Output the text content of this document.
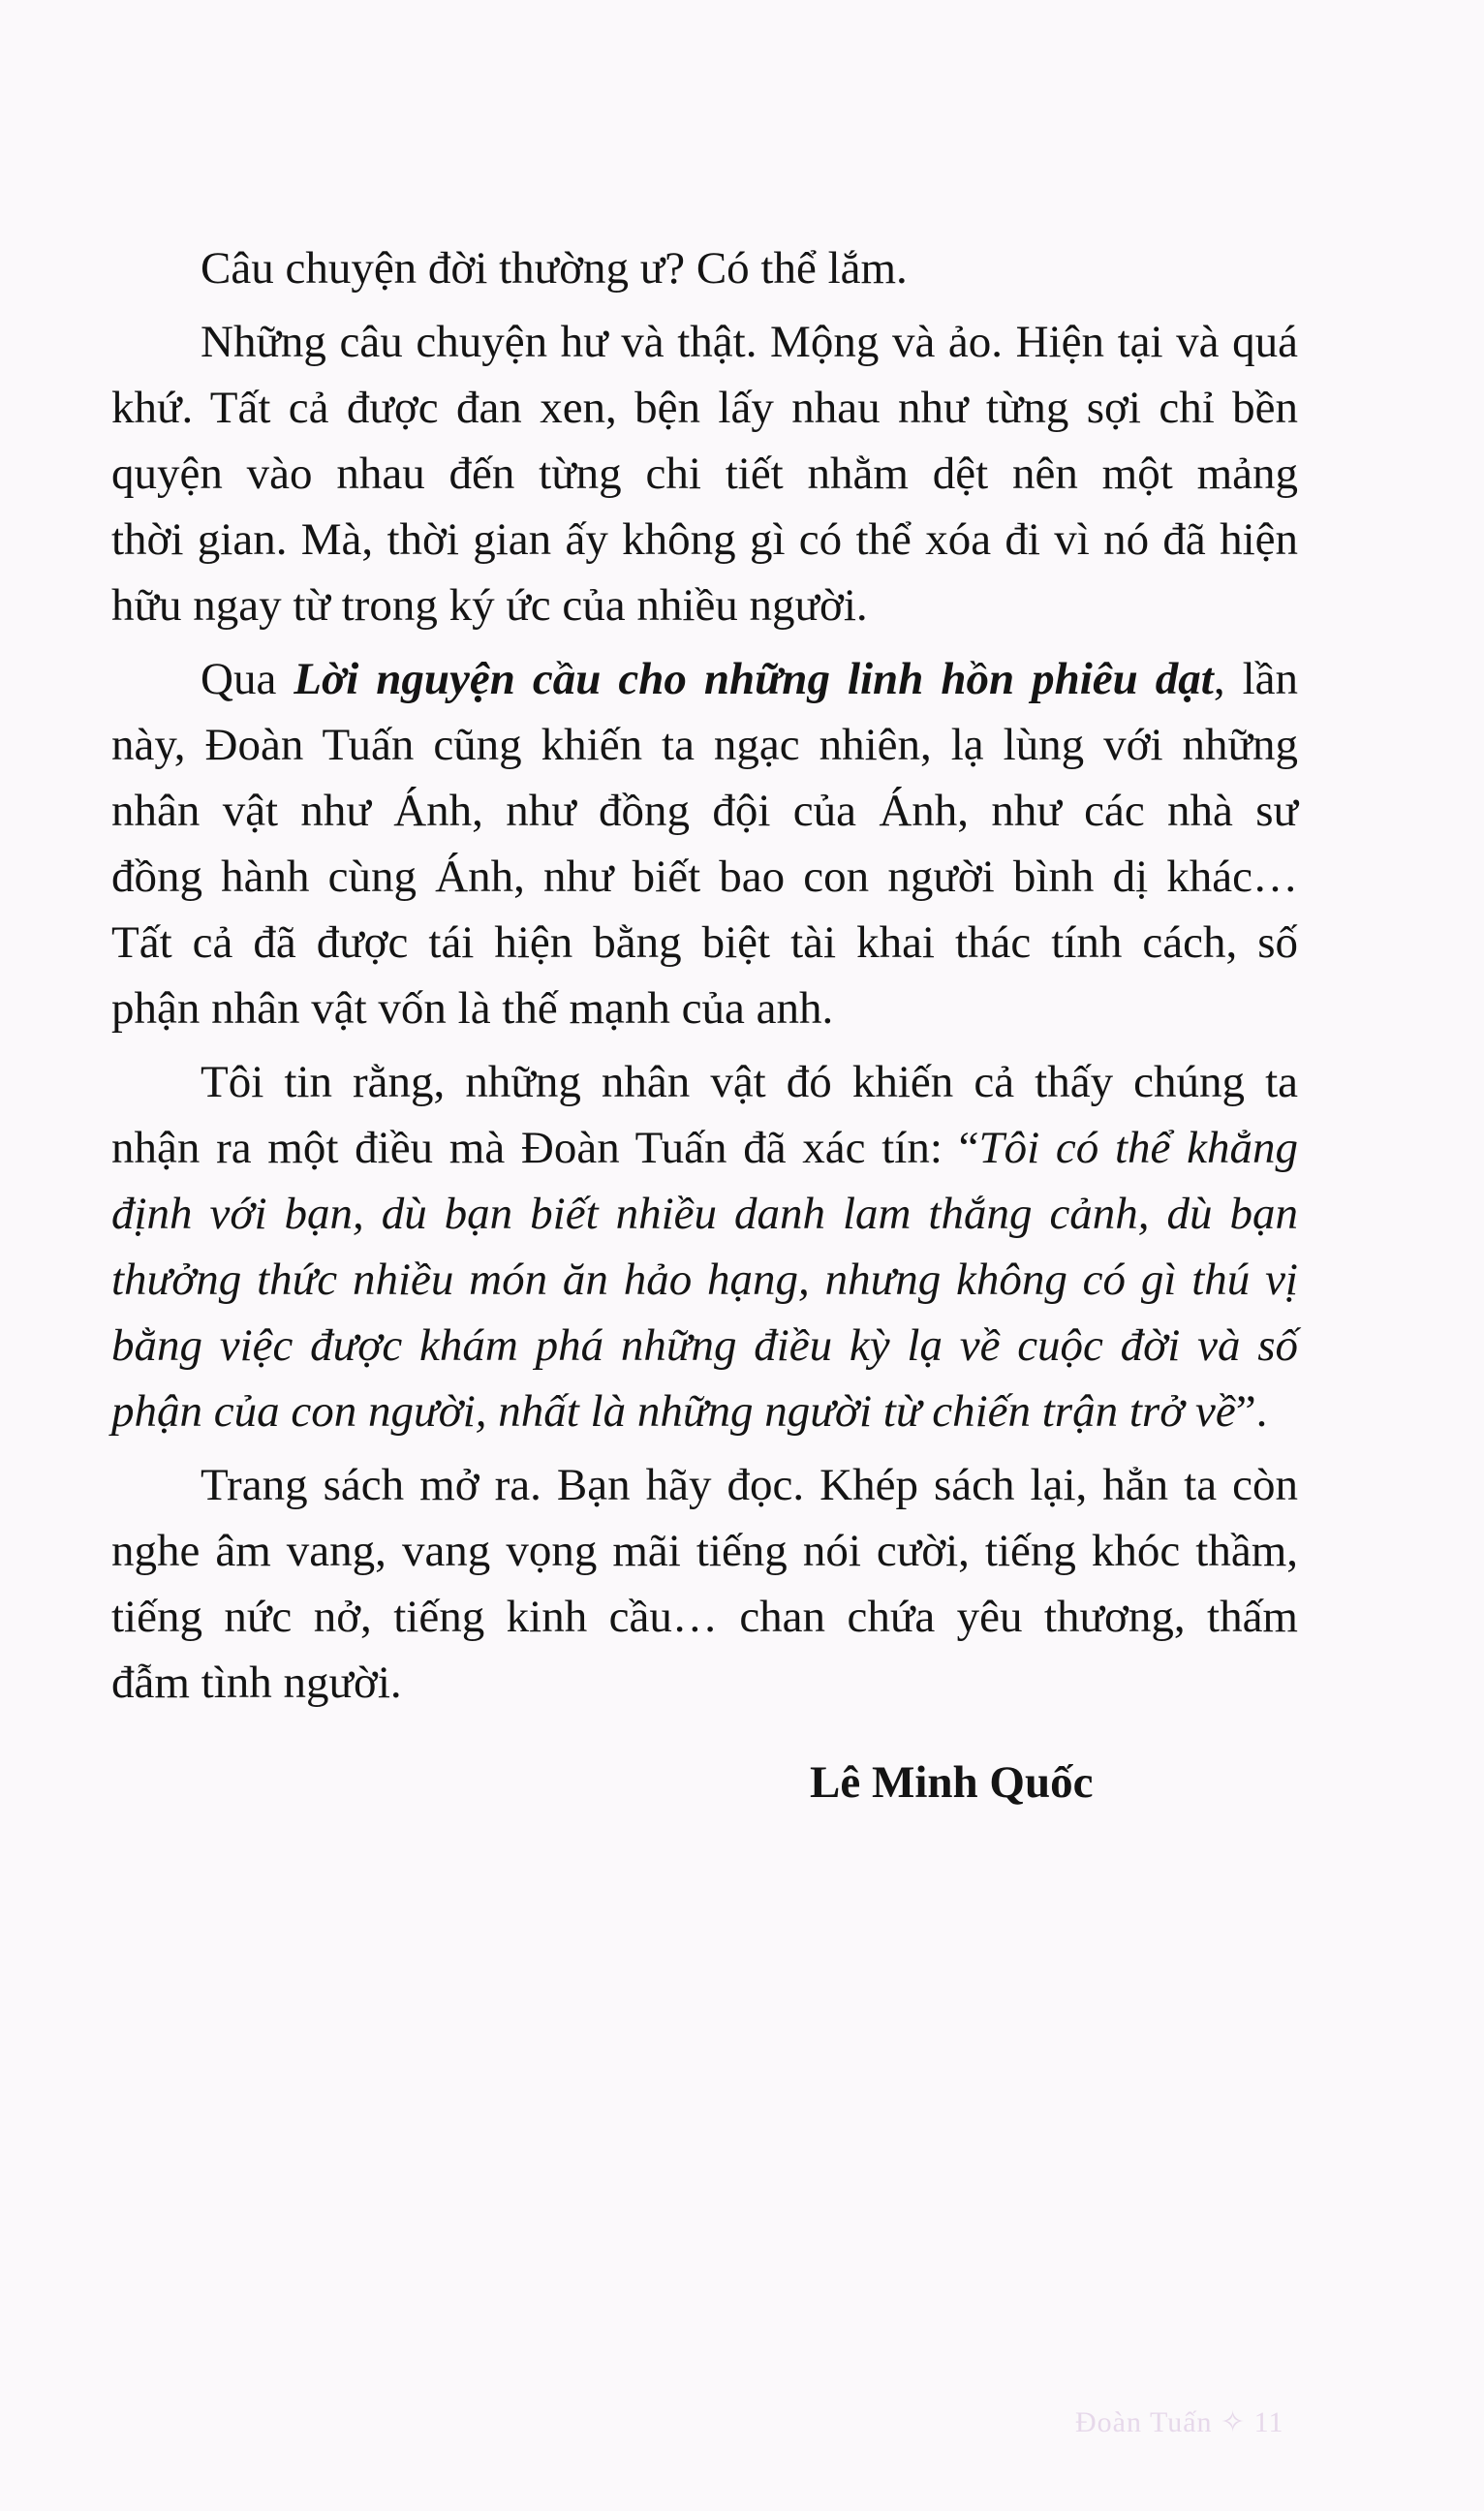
Câu chuyện đời thường ư? Có thể lắm.
Những câu chuyện hư và thật. Mộng và ảo. Hiện tại và quá
khứ. Tất cả được đan xen, bện lấy nhau như từng sợi chỉ bền
quyện vào nhau đến từng chi tiết nhằm dệt nên một mảng
thời gian. Mà, thời gian ấy không gì có thể xóa đi vì nó đã hiện
hữu ngay từ trong ký ức của nhiều người.
Qua Lời nguyện cầu cho những linh hồn phiêu dạt, lần
này, Đoàn Tuấn cũng khiến ta ngạc nhiên, lạ lùng với những
nhân vật như Ánh, như đồng đội của Ánh, như các nhà sư
đồng hành cùng Ánh, như biết bao con người bình dị khác…
Tất cả đã được tái hiện bằng biệt tài khai thác tính cách, số
phận nhân vật vốn là thế mạnh của anh.
Tôi tin rằng, những nhân vật đó khiến cả thấy chúng ta
nhận ra một điều mà Đoàn Tuấn đã xác tín: “Tôi có thể khẳng
định với bạn, dù bạn biết nhiều danh lam thắng cảnh, dù bạn
thưởng thức nhiều món ăn hảo hạng, nhưng không có gì thú vị
bằng việc được khám phá những điều kỳ lạ về cuộc đời và số
phận của con người, nhất là những người từ chiến trận trở về”.
Trang sách mở ra. Bạn hãy đọc. Khép sách lại, hẳn ta còn
nghe âm vang, vang vọng mãi tiếng nói cười, tiếng khóc thầm,
tiếng nức nở, tiếng kinh cầu… chan chứa yêu thương, thấm
đẫm tình người.
Lê Minh Quốc
Đoàn Tuấn ✧ 11
